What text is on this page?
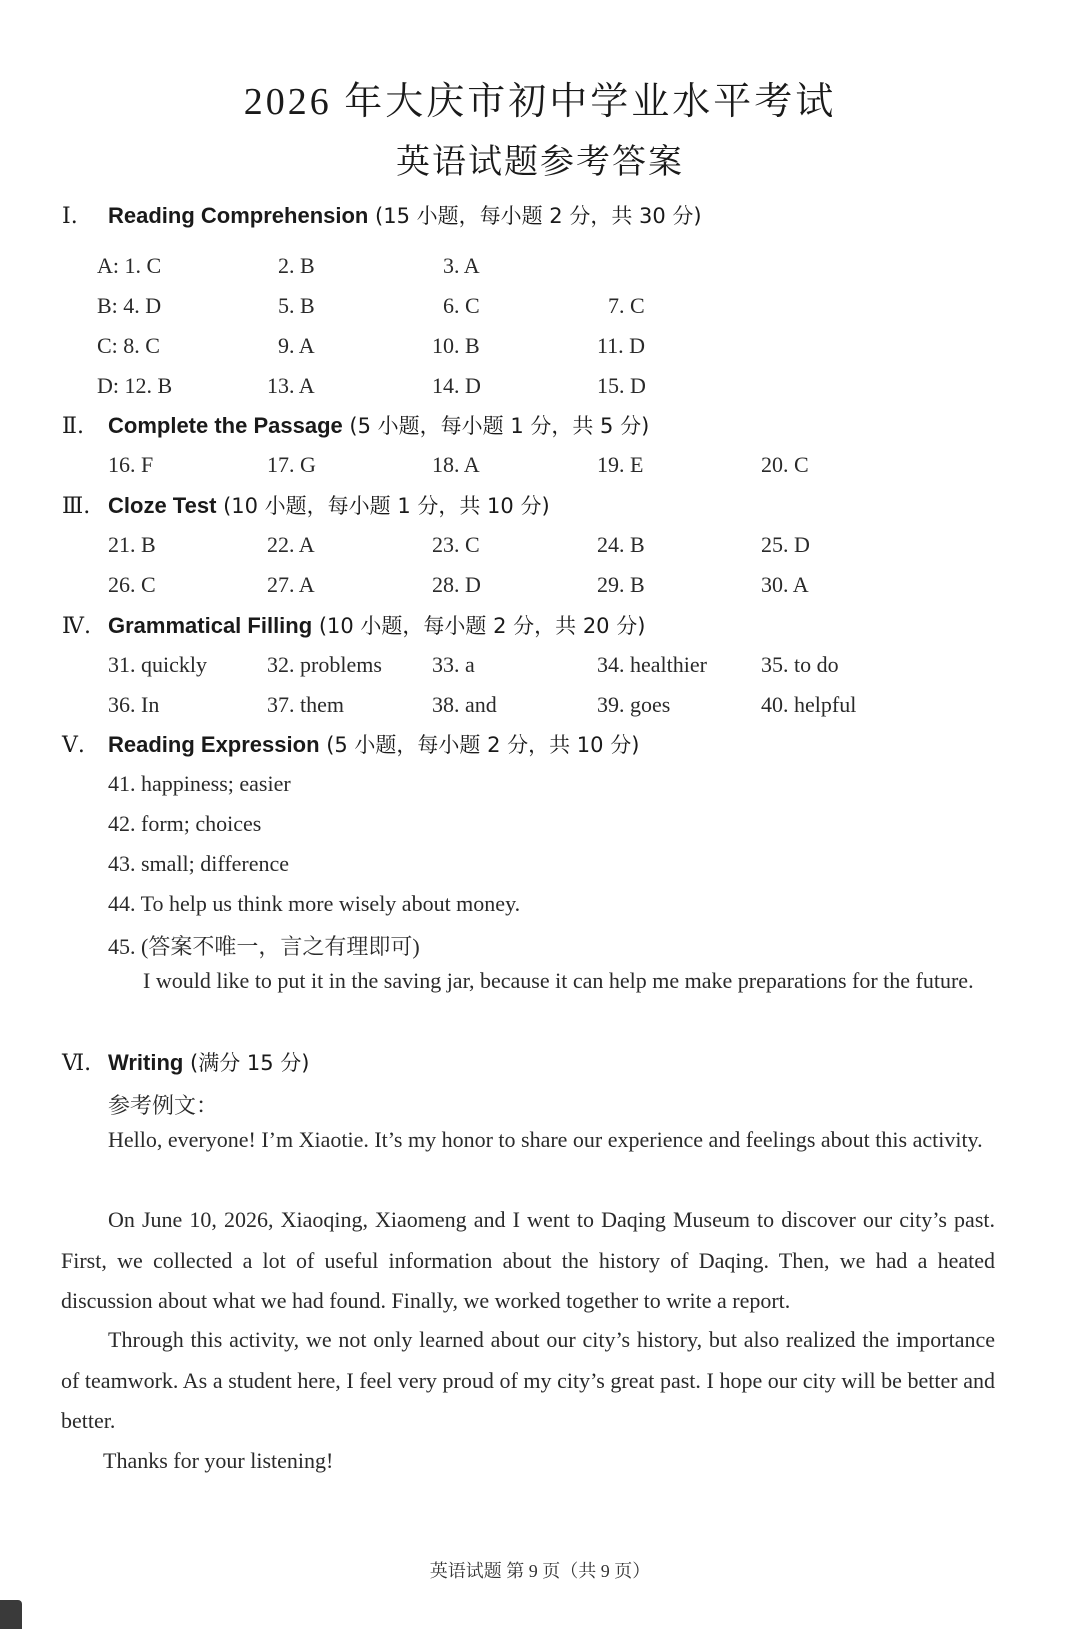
2026 年大庆市初中学业水平考试
英语试题参考答案
Ⅰ. Reading Comprehension (15 小题，每小题 2 分，共 30 分)
A: 1. C	2. B	3. A
B: 4. D	5. B	6. C	7. C
C: 8. C	9. A	10. B	11. D
D: 12. B	13. A	14. D	15. D
Ⅱ. Complete the Passage (5 小题，每小题 1 分，共 5 分)
16. F	17. G	18. A	19. E	20. C
Ⅲ. Cloze Test (10 小题，每小题 1 分，共 10 分)
21. B	22. A	23. C	24. B	25. D
26. C	27. A	28. D	29. B	30. A
Ⅳ. Grammatical Filling (10 小题，每小题 2 分，共 20 分)
31. quickly	32. problems 33. a	34. healthier 35. to do
36. In	37. them	38. and	39. goes	40. helpful
Ⅴ. Reading Expression (5 小题，每小题 2 分，共 10 分)
41. happiness; easier
42. form; choices
43. small; difference
44. To help us think more wisely about money.
45. (答案不唯一，言之有理即可)
I would like to put it in the saving jar, because it can help me make preparations for the future.
Ⅵ. Writing (满分 15 分)
参考例文：
Hello, everyone! I’m Xiaotie. It’s my honor to share our experience and feelings about this activity.
On June 10, 2026, Xiaoqing, Xiaomeng and I went to Daqing Museum to discover our city’s past. First, we collected a lot of useful information about the history of Daqing. Then, we had a heated discussion about what we had found. Finally, we worked together to write a report.
Through this activity, we not only learned about our city’s history, but also realized the importance of teamwork. As a student here, I feel very proud of my city’s great past. I hope our city will be better and better.
Thanks for your listening!
英语试题 第 9 页（共 9 页）
